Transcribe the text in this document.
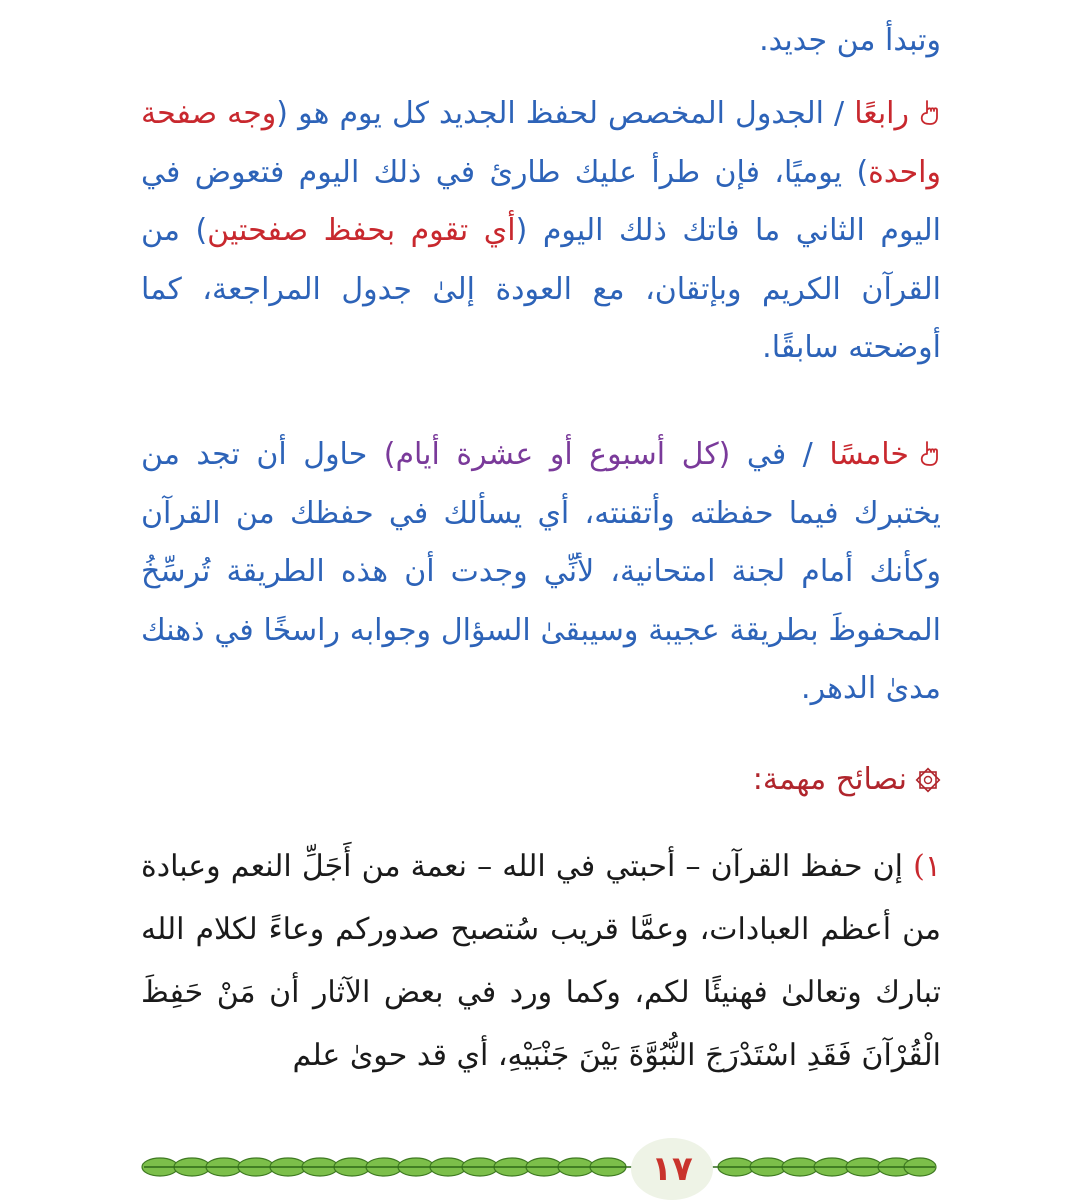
وتبدأ من جديد.
رابعًا / الجدول المخصص لحفظ الجديد كل يوم هو (وجه صفحة واحدة) يوميًا، فإن طرأ عليك طارئ في ذلك اليوم فتعوض في اليوم الثاني ما فاتك ذلك اليوم (أي تقوم بحفظ صفحتين) من القرآن الكريم وبإتقان، مع العودة إلىٰ جدول المراجعة، كما أوضحته سابقًا.
خامسًا / في (كل أسبوع أو عشرة أيام) حاول أن تجد من يختبرك فيما حفظته وأتقنته، أي يسألك في حفظك من القرآن وكأنك أمام لجنة امتحانية، لأنِّي وجدت أن هذه الطريقة تُرسِّخُ المحفوظَ بطريقة عجيبة وسيبقىٰ السؤال وجوابه راسخًا في ذهنك مدىٰ الدهر.
نصائح مهمة:
١) إن حفظ القرآن – أحبتي في الله – نعمة من أَجَلِّ النعم وعبادة من أعظم العبادات، وعمَّا قريب سُتصبح صدوركم وعاءً لكلام الله تبارك وتعالىٰ فهنيئًا لكم، وكما ورد في بعض الآثار أن مَنْ حَفِظَ الْقُرْآنَ فَقَدِ اسْتَدْرَجَ النُّبُوَّةَ بَيْنَ جَنْبَيْهِ، أي قد حوىٰ علم
١٧
